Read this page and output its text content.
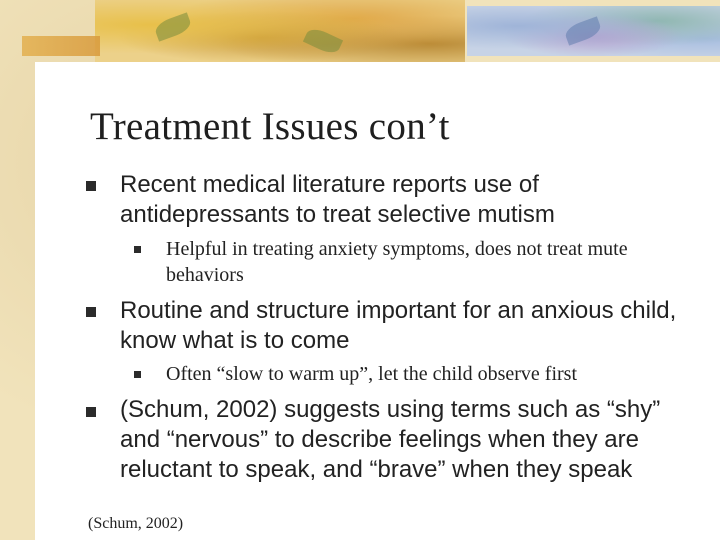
Treatment Issues con’t
Recent medical literature reports use of antidepressants to treat selective mutism
Helpful in treating anxiety symptoms, does not treat mute behaviors
Routine and structure important for an anxious child, know what is to come
Often “slow to warm up”, let the child observe first
(Schum, 2002) suggests using terms such as “shy” and “nervous” to describe feelings when they are reluctant to speak, and “brave” when they speak
(Schum, 2002)
